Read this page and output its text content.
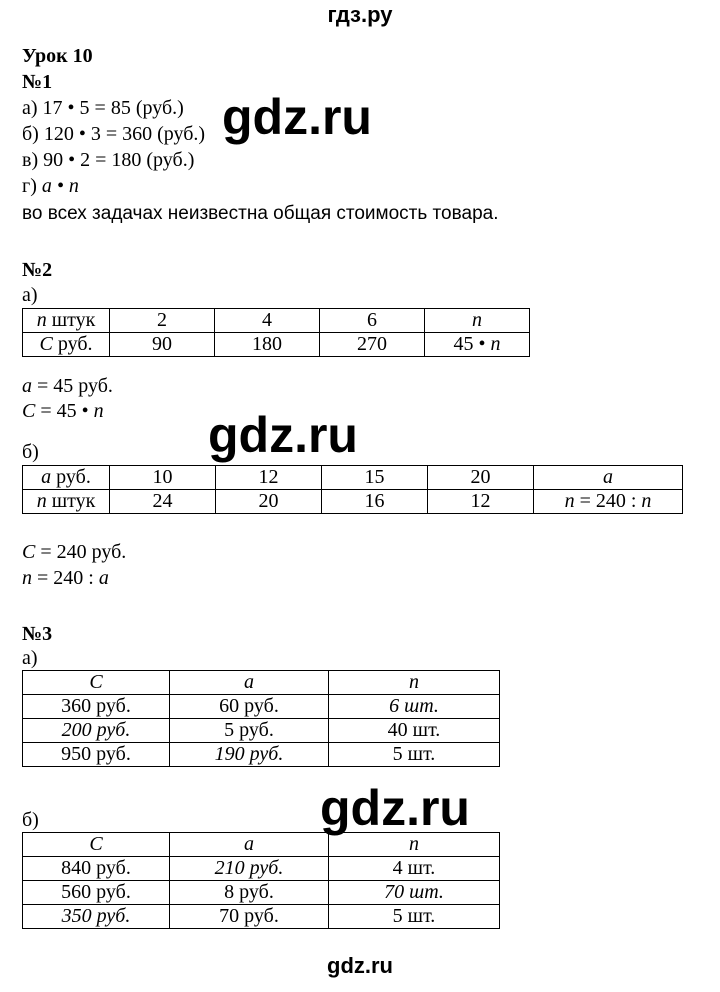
гдз.ру
gdz.ru
gdz.ru
gdz.ru
Урок 10
№1
а) 17 • 5 = 85 (руб.)
б) 120 • 3 = 360 (руб.)
в) 90 • 2 = 180 (руб.)
г) a • n
во всех задачах неизвестна общая стоимость товара.
№2
а)
n штук	2	4	6	n
C руб.	90	180	270	45 • n
a = 45 руб.
C = 45 • n
б)
a руб.	10	12	15	20	a
n штук	24	20	16	12	n = 240 : n
C = 240 руб.
n = 240 : a
№3
а)
C	a	n
360 руб.	60 руб.	6 шт.
200 руб.	5 руб.	40 шт.
950 руб.	190 руб.	5 шт.
б)
C	a	n
840 руб.	210 руб.	4 шт.
560 руб.	8 руб.	70 шт.
350 руб.	70 руб.	5 шт.
gdz.ru
